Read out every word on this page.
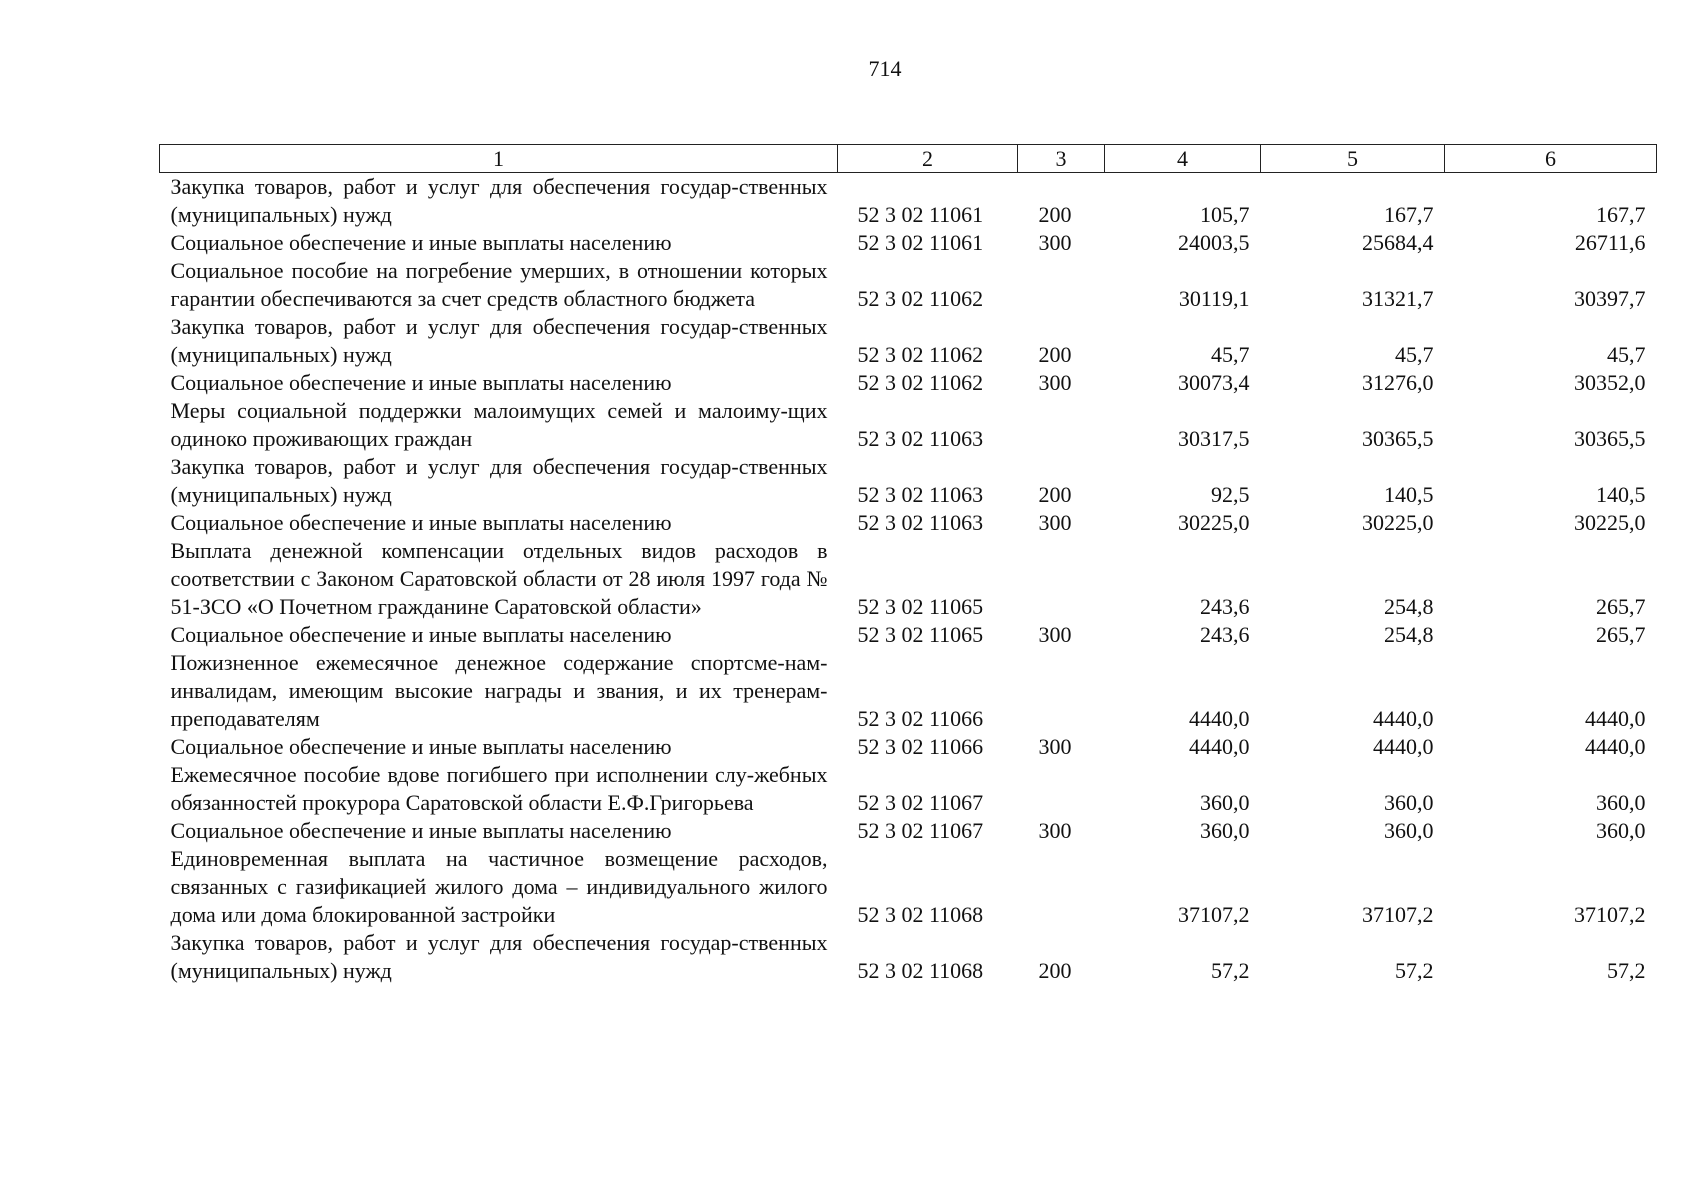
714
1	2	3	4	5	6
Закупка товаров, работ и услуг для обеспечения государ-ственных (муниципальных) нужд	52 3 02 11061	200	105,7	167,7	167,7
Социальное обеспечение и иные выплаты населению	52 3 02 11061	300	24003,5	25684,4	26711,6
Социальное пособие на погребение умерших, в отношении которых гарантии обеспечиваются за счет средств областного бюджета	52 3 02 11062		30119,1	31321,7	30397,7
Закупка товаров, работ и услуг для обеспечения государ-ственных (муниципальных) нужд	52 3 02 11062	200	45,7	45,7	45,7
Социальное обеспечение и иные выплаты населению	52 3 02 11062	300	30073,4	31276,0	30352,0
Меры социальной поддержки малоимущих семей и малоиму-щих одиноко проживающих граждан	52 3 02 11063		30317,5	30365,5	30365,5
Закупка товаров, работ и услуг для обеспечения государ-ственных (муниципальных) нужд	52 3 02 11063	200	92,5	140,5	140,5
Социальное обеспечение и иные выплаты населению	52 3 02 11063	300	30225,0	30225,0	30225,0
Выплата денежной компенсации отдельных видов расходов в соответствии с Законом Саратовской области от 28 июля 1997 года № 51-ЗСО «О Почетном гражданине Саратовской области»	52 3 02 11065		243,6	254,8	265,7
Социальное обеспечение и иные выплаты населению	52 3 02 11065	300	243,6	254,8	265,7
Пожизненное ежемесячное денежное содержание спортсме-нам-инвалидам, имеющим высокие награды и звания, и их тренерам-преподавателям	52 3 02 11066		4440,0	4440,0	4440,0
Социальное обеспечение и иные выплаты населению	52 3 02 11066	300	4440,0	4440,0	4440,0
Ежемесячное пособие вдове погибшего при исполнении слу-жебных обязанностей прокурора Саратовской области Е.Ф.Григорьева	52 3 02 11067		360,0	360,0	360,0
Социальное обеспечение и иные выплаты населению	52 3 02 11067	300	360,0	360,0	360,0
Единовременная выплата на частичное возмещение расходов, связанных с газификацией жилого дома – индивидуального жилого дома или дома блокированной застройки	52 3 02 11068		37107,2	37107,2	37107,2
Закупка товаров, работ и услуг для обеспечения государ-ственных (муниципальных) нужд	52 3 02 11068	200	57,2	57,2	57,2
